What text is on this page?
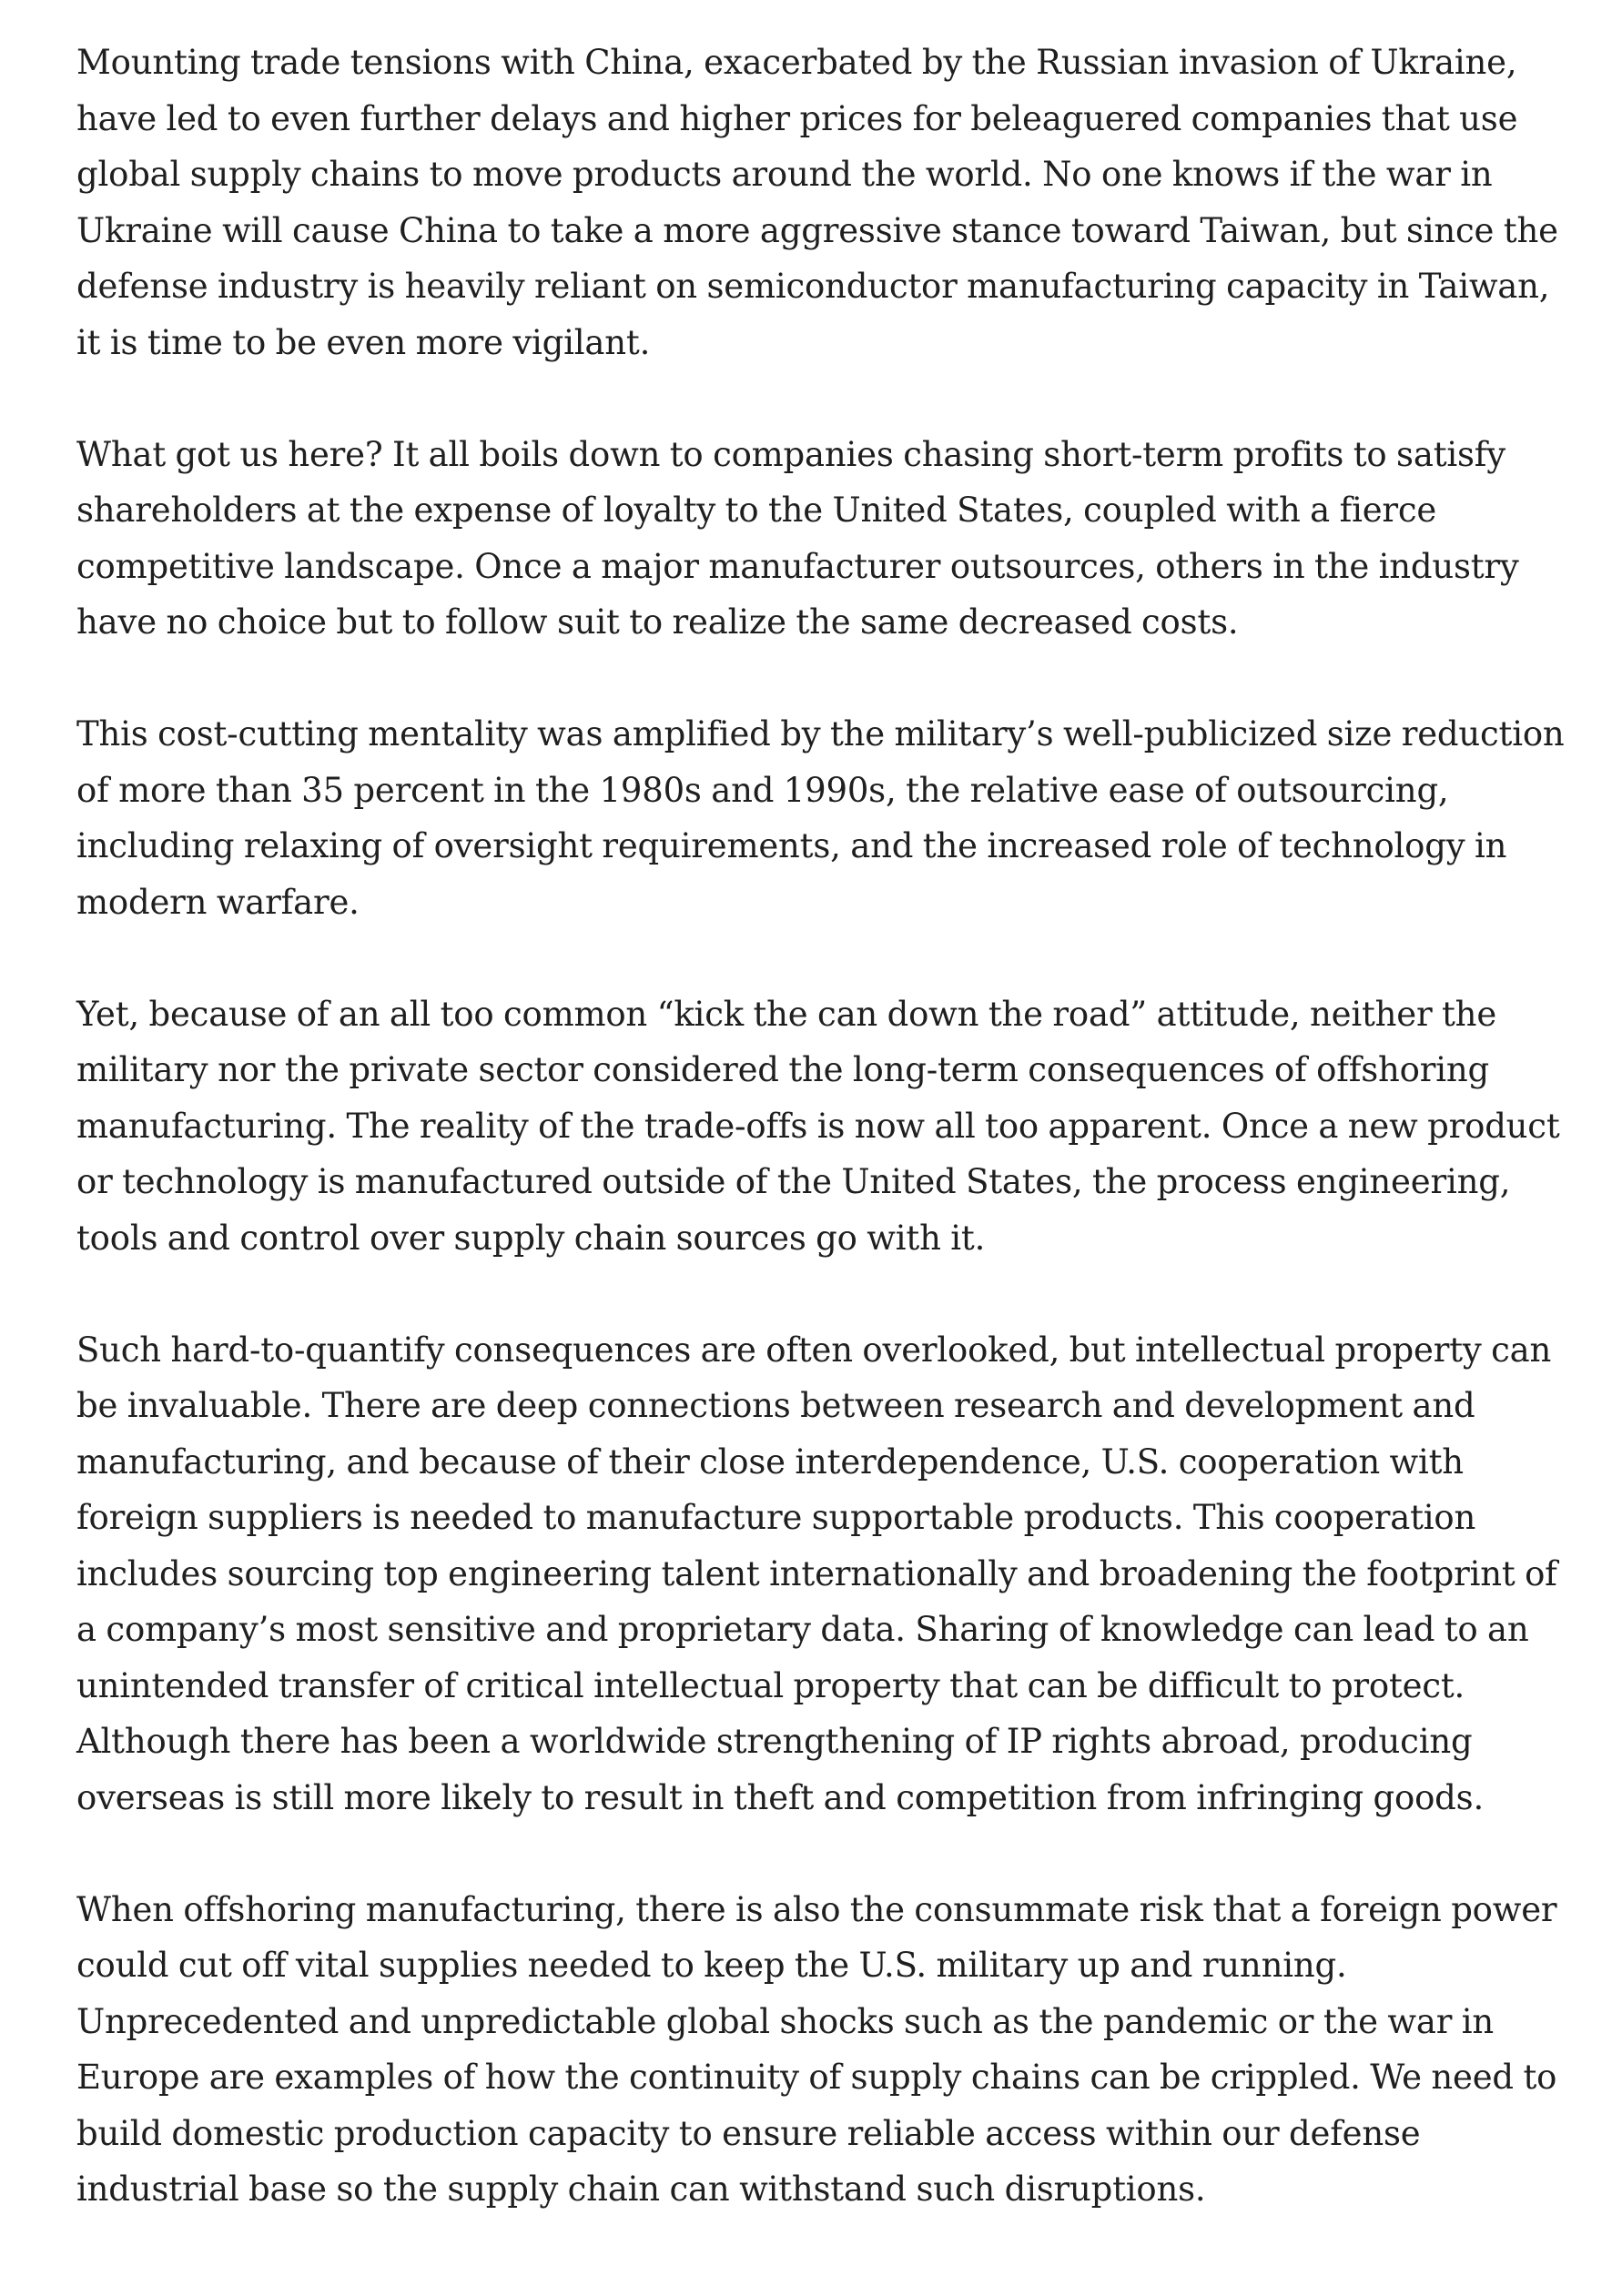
Mounting trade tensions with China, exacerbated by the Russian invasion of Ukraine, have led to even further delays and higher prices for beleaguered companies that use global supply chains to move products around the world. No one knows if the war in Ukraine will cause China to take a more aggressive stance toward Taiwan, but since the defense industry is heavily reliant on semiconductor manufacturing capacity in Taiwan, it is time to be even more vigilant.

What got us here? It all boils down to companies chasing short-term profits to satisfy shareholders at the expense of loyalty to the United States, coupled with a fierce competitive landscape. Once a major manufacturer outsources, others in the industry have no choice but to follow suit to realize the same decreased costs.

This cost-cutting mentality was amplified by the military’s well-publicized size reduction of more than 35 percent in the 1980s and 1990s, the relative ease of outsourcing, including relaxing of oversight requirements, and the increased role of technology in modern warfare.

Yet, because of an all too common “kick the can down the road” attitude, neither the military nor the private sector considered the long-term consequences of offshoring manufacturing. The reality of the trade-offs is now all too apparent. Once a new product or technology is manufactured outside of the United States, the process engineering, tools and control over supply chain sources go with it.

Such hard-to-quantify consequences are often overlooked, but intellectual property can be invaluable. There are deep connections between research and development and manufacturing, and because of their close interdependence, U.S. cooperation with foreign suppliers is needed to manufacture supportable products. This cooperation includes sourcing top engineering talent internationally and broadening the footprint of a company’s most sensitive and proprietary data. Sharing of knowledge can lead to an unintended transfer of critical intellectual property that can be difficult to protect. Although there has been a worldwide strengthening of IP rights abroad, producing overseas is still more likely to result in theft and competition from infringing goods.

When offshoring manufacturing, there is also the consummate risk that a foreign power could cut off vital supplies needed to keep the U.S. military up and running. Unprecedented and unpredictable global shocks such as the pandemic or the war in Europe are examples of how the continuity of supply chains can be crippled. We need to build domestic production capacity to ensure reliable access within our defense industrial base so the supply chain can withstand such disruptions.
